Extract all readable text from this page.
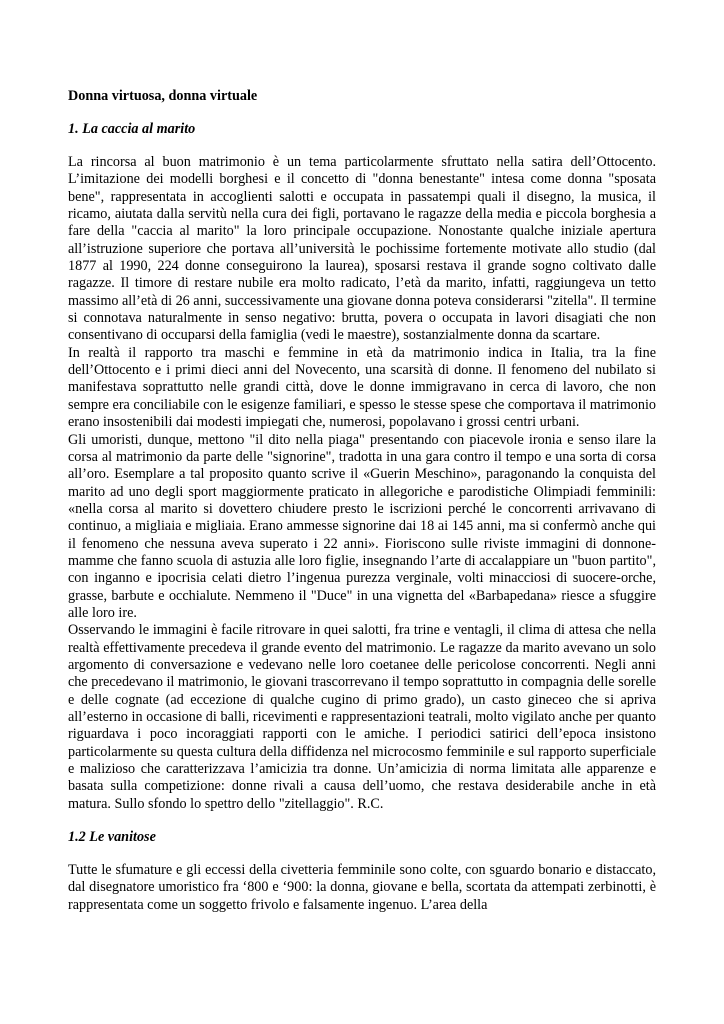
Donna virtuosa, donna virtuale
1. La caccia al marito

La rincorsa al buon matrimonio è un tema particolarmente sfruttato nella satira dell’Ottocento. L’imitazione dei modelli borghesi e il concetto di "donna benestante" intesa come donna "sposata bene", rappresentata in accoglienti salotti e occupata in passatempi quali il disegno, la musica, il ricamo, aiutata dalla servitù nella cura dei figli, portavano le ragazze della media e piccola borghesia a fare della "caccia al marito" la loro principale occupazione. Nonostante qualche iniziale apertura all’istruzione superiore che portava all’università le pochissime fortemente motivate allo studio (dal 1877 al 1990, 224 donne conseguirono la laurea), sposarsi restava il grande sogno coltivato dalle ragazze. Il timore di restare nubile era molto radicato, l’età da marito, infatti, raggiungeva un tetto massimo all’età di 26 anni, successivamente una giovane donna poteva considerarsi "zitella". Il termine si connotava naturalmente in senso negativo: brutta, povera o occupata in lavori disagiati che non consentivano di occuparsi della famiglia (vedi le maestre), sostanzialmente donna da scartare.

In realtà il rapporto tra maschi e femmine in età da matrimonio indica in Italia, tra la fine dell’Ottocento e i primi dieci anni del Novecento, una scarsità di donne. Il fenomeno del nubilato si manifestava soprattutto nelle grandi città, dove le donne immigravano in cerca di lavoro, che non sempre era conciliabile con le esigenze familiari, e spesso le stesse spese che comportava il matrimonio erano insostenibili dai modesti impiegati che, numerosi, popolavano i grossi centri urbani.

Gli umoristi, dunque, mettono "il dito nella piaga" presentando con piacevole ironia e senso ilare la corsa al matrimonio da parte delle "signorine", tradotta in una gara contro il tempo e una sorta di corsa all’oro. Esemplare a tal proposito quanto scrive il «Guerin Meschino», paragonando la conquista del marito ad uno degli sport maggiormente praticato in allegoriche e parodistiche Olimpiadi femminili: «nella corsa al marito si dovettero chiudere presto le iscrizioni perché le concorrenti arrivavano di continuo, a migliaia e migliaia. Erano ammesse signorine dai 18 ai 145 anni, ma si confermò anche qui il fenomeno che nessuna aveva superato i 22 anni». Fioriscono sulle riviste immagini di donnone-mamme che fanno scuola di astuzia alle loro figlie, insegnando l’arte di accalappiare un "buon partito", con inganno e ipocrisia celati dietro l’ingenua purezza verginale, volti minacciosi di suocere-orche, grasse, barbute e occhialute. Nemmeno il "Duce" in una vignetta del «Barbapedana» riesce a sfuggire alle loro ire.

Osservando le immagini è facile ritrovare in quei salotti, fra trine e ventagli, il clima di attesa che nella realtà effettivamente precedeva il grande evento del matrimonio. Le ragazze da marito avevano un solo argomento di conversazione e vedevano nelle loro coetanee delle pericolose concorrenti. Negli anni che precedevano il matrimonio, le giovani trascorrevano il tempo soprattutto in compagnia delle sorelle e delle cognate (ad eccezione di qualche cugino di primo grado), un casto gineceo che si apriva all’esterno in occasione di balli, ricevimenti e rappresentazioni teatrali, molto vigilato anche per quanto riguardava i poco incoraggiati rapporti con le amiche. I periodici satirici dell’epoca insistono particolarmente su questa cultura della diffidenza nel microcosmo femminile e sul rapporto superficiale e malizioso che caratterizzava l’amicizia tra donne. Un’amicizia di norma limitata alle apparenze e basata sulla competizione: donne rivali a causa dell’uomo, che restava desiderabile anche in età matura. Sullo sfondo lo spettro dello "zitellaggio". R.C.

1.2 Le vanitose

Tutte le sfumature e gli eccessi della civetteria femminile sono colte, con sguardo bonario e distaccato, dal disegnatore umoristico fra ‘800 e ‘900: la donna, giovane e bella, scortata da attempati zerbinotti, è rappresentata come un soggetto frivolo e falsamente ingenuo. L’area della
